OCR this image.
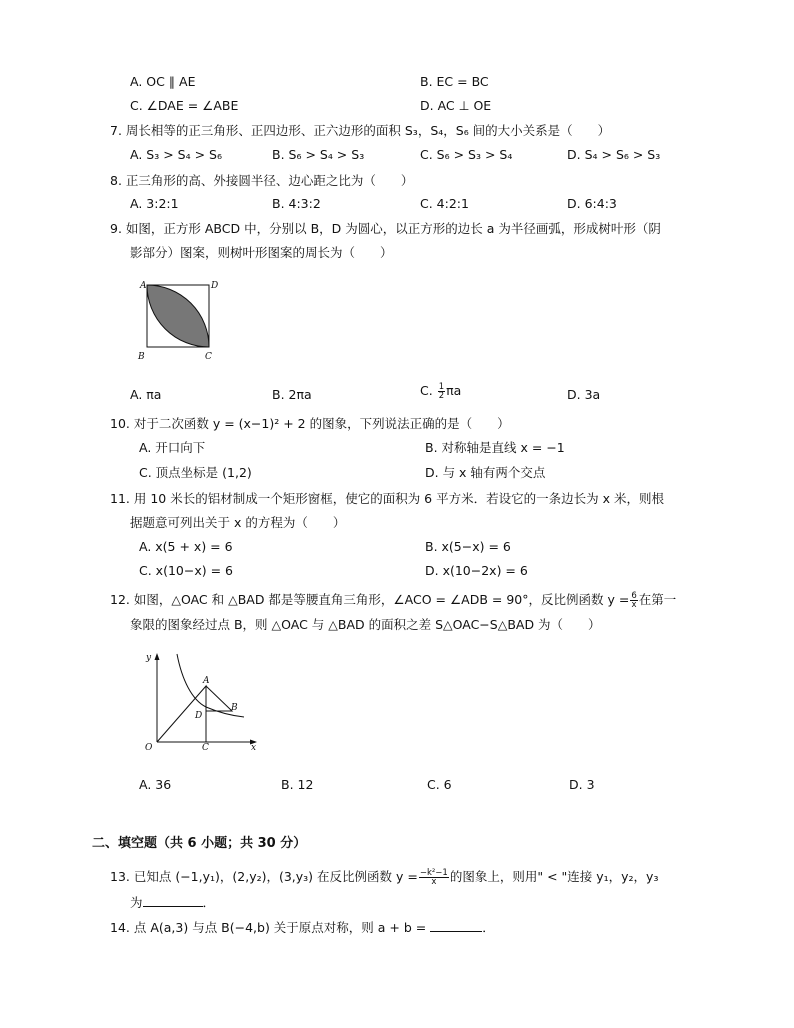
A. OC ∥ AE	B. EC = BC
C. ∠DAE = ∠ABE	D. AC ⊥ OE
7. 周长相等的正三角形、正四边形、正六边形的面积 S₃，S₄，S₆ 间的大小关系是（　　）
A. S₃ > S₄ > S₆	B. S₆ > S₄ > S₃	C. S₆ > S₃ > S₄	D. S₄ > S₆ > S₃
8. 正三角形的高、外接圆半径、边心距之比为（　　）
A. 3:2:1	B. 4:3:2	C. 4:2:1	D. 6:4:3
9. 如图，正方形 ABCD 中，分别以 B，D 为圆心，以正方形的边长 a 为半径画弧，形成树叶形（阴
影部分）图案，则树叶形图案的周长为（　　）
A	D
B	C
A. πa	B. 2πa	C. $\frac{1}{2}$ πa	D. 3a
10. 对于二次函数 y = (x−1)² + 2 的图象，下列说法正确的是（　　）
A. 开口向下	B. 对称轴是直线 x = −1
C. 顶点坐标是 (1,2)	D. 与 x 轴有两个交点
11. 用 10 米长的铝材制成一个矩形窗框，使它的面积为 6 平方米．若设它的一条边长为 x 米，则根
据题意可列出关于 x 的方程为（　　）
A. x(5 + x) = 6	B. x(5−x) = 6
C. x(10−x) = 6	D. x(10−2x) = 6
12. 如图，△OAC 和 △BAD 都是等腰直角三角形，∠ACO = ∠ADB = 90°，反比例函数 $y = \frac{6}{x}$ 在第一
象限的图象经过点 B，则 △OAC 与 △BAD 的面积之差 S△OAC−S△BAD 为（　　）
y
x
O
A
B
C
D
A. 36	B. 12	C. 6	D. 3
二、填空题（共 6 小题；共 30 分）
13. 已知点 (−1,y₁)，(2,y₂)，(3,y₃) 在反比例函数 $y = \frac{\text{−k²−1}}{x}$ 的图象上，则用" < "连接 y₁，y₂，y₃
为	．
14. 点 A(a,3) 与点 B(−4,b) 关于原点对称，则 a + b =	．
